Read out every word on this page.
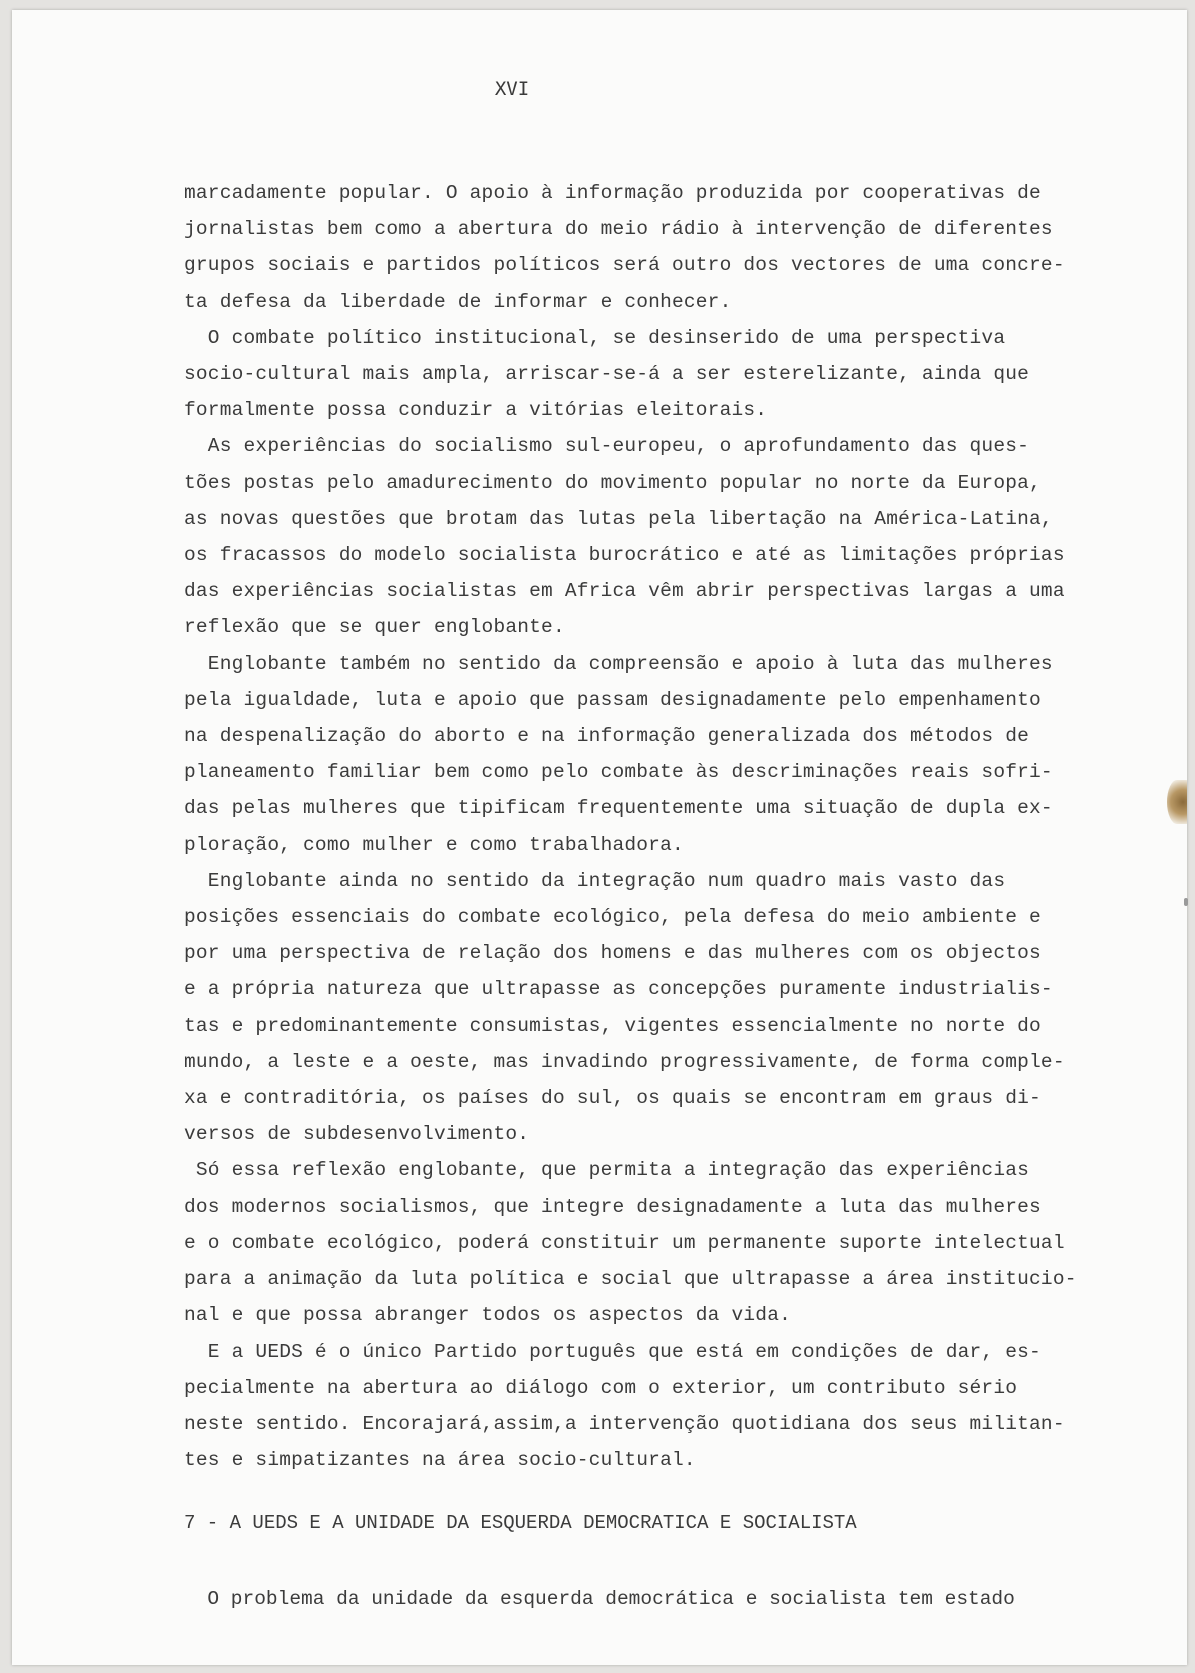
XVI

marcadamente popular. O apoio à informação produzida por cooperativas de

jornalistas bem como a abertura do meio rádio à intervenção de diferentes

grupos sociais e partidos políticos será outro dos vectores de uma concre-

ta defesa da liberdade de informar e conhecer.

O combate político institucional, se desinserido de uma perspectiva

socio-cultural mais ampla, arriscar-se-á a ser esterelizante, ainda que

formalmente possa conduzir a vitórias eleitorais.

As experiências do socialismo sul-europeu, o aprofundamento das ques-

tões postas pelo amadurecimento do movimento popular no norte da Europa,

as novas questões que brotam das lutas pela libertação na América-Latina,

os fracassos do modelo socialista burocrático e até as limitações próprias

das experiências socialistas em Africa vêm abrir perspectivas largas a uma

reflexão que se quer englobante.

Englobante também no sentido da compreensão e apoio à luta das mulheres

pela igualdade, luta e apoio que passam designadamente pelo empenhamento

na despenalização do aborto e na informação generalizada dos métodos de

planeamento familiar bem como pelo combate às descriminações reais sofri-

das pelas mulheres que tipificam frequentemente uma situação de dupla ex-

ploração, como mulher e como trabalhadora.

Englobante ainda no sentido da integração num quadro mais vasto das

posições essenciais do combate ecológico, pela defesa do meio ambiente e

por uma perspectiva de relação dos homens e das mulheres com os objectos

e a própria natureza que ultrapasse as concepções puramente industrialis-

tas e predominantemente consumistas, vigentes essencialmente no norte do

mundo, a leste e a oeste, mas invadindo progressivamente, de forma comple-

xa e contraditória, os países do sul, os quais se encontram em graus di-

versos de subdesenvolvimento.

Só essa reflexão englobante, que permita a integração das experiências

dos modernos socialismos, que integre designadamente a luta das mulheres

e o combate ecológico, poderá constituir um permanente suporte intelectual

para a animação da luta política e social que ultrapasse a área institucio-

nal e que possa abranger todos os aspectos da vida.

E a UEDS é o único Partido português que está em condições de dar, es-

pecialmente na abertura ao diálogo com o exterior, um contributo sério

neste sentido. Encorajará,assim,a intervenção quotidiana dos seus militan-

tes e simpatizantes na área socio-cultural.

7 - A UEDS E A UNIDADE DA ESQUERDA DEMOCRATICA E SOCIALISTA
O problema da unidade da esquerda democrática e socialista tem estado
